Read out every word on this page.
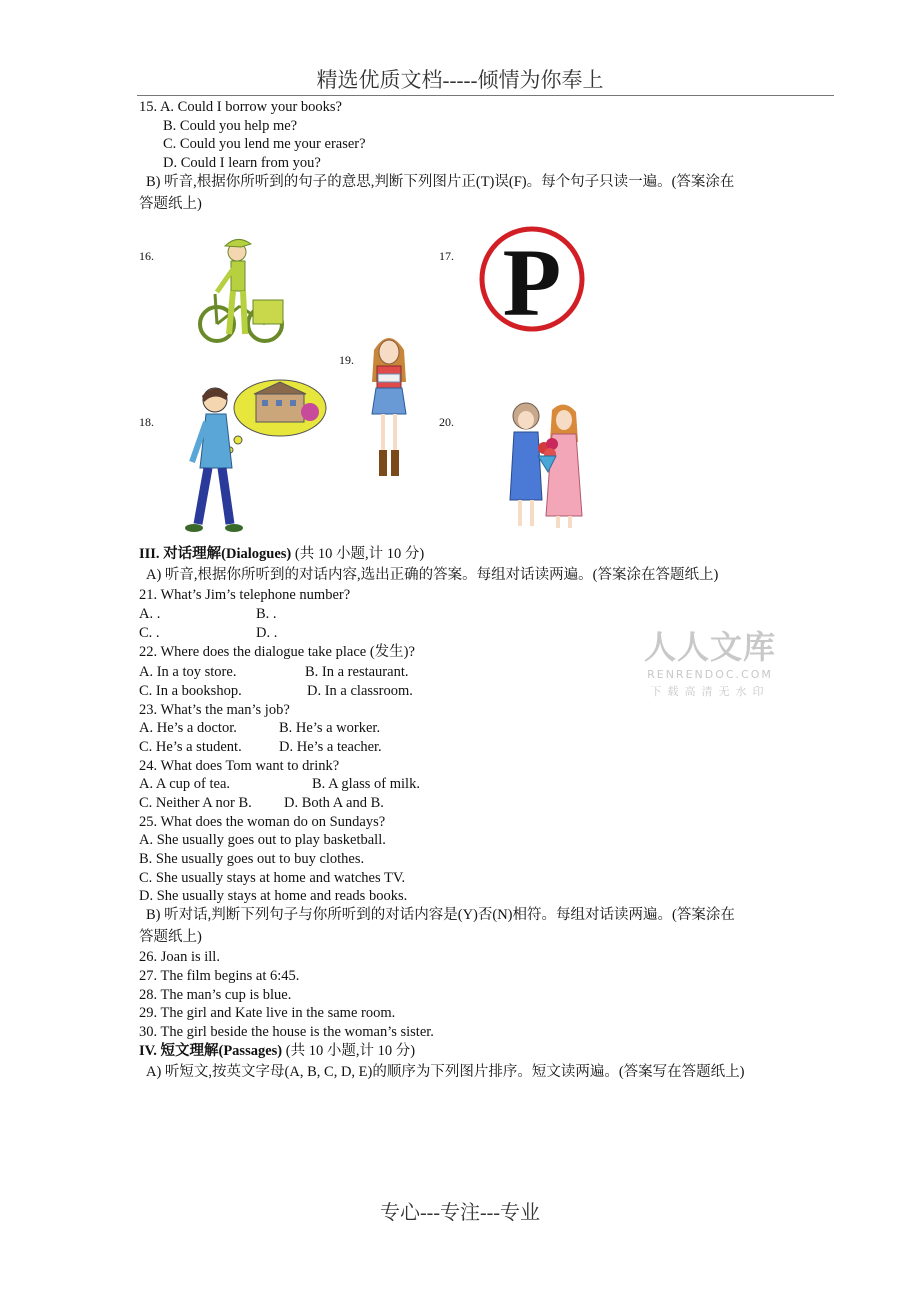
精选优质文档-----倾情为你奉上
15. A. Could I borrow your books?
B. Could you help me?
C. Could you lend me your eraser?
D. Could I learn from you?
B) 听音,根据你所听到的句子的意思,判断下列图片正(T)误(F)。每个句子只读一遍。(答案涂在
答题纸上)
16.	17.
18.
19.
20.
P
III. 对话理解(Dialogues) (共 10 小题,计 10 分)
A) 听音,根据你所听到的对话内容,选出正确的答案。每组对话读两遍。(答案涂在答题纸上)
21. What’s Jim’s telephone number?
A. .	B. .
C. .	D. .
22. Where does the dialogue take place (发生)?
A. In a toy store.	B. In a restaurant.
C. In a bookshop.	D. In a classroom.
23. What’s the man’s job?
A. He’s a doctor.	B. He’s a worker.
C. He’s a student.	D. He’s a teacher.
24. What does Tom want to drink?
A. A cup of tea.	B. A glass of milk.
C. Neither A nor B. D. Both A and B.
25. What does the woman do on Sundays?
A. She usually goes out to play basketball.
B. She usually goes out to buy clothes.
C. She usually stays at home and watches TV.
D. She usually stays at home and reads books.
B) 听对话,判断下列句子与你所听到的对话内容是(Y)否(N)相符。每组对话读两遍。(答案涂在
答题纸上)
26. Joan is ill.
27. The film begins at 6:45.
28. The man’s cup is blue.
29. The girl and Kate live in the same room.
30. The girl beside the house is the woman’s sister.
IV. 短文理解(Passages) (共 10 小题,计 10 分)
A) 听短文,按英文字母(A, B, C, D, E)的顺序为下列图片排序。短文读两遍。(答案写在答题纸上)
人人文库
RENRENDOC.COM
下载高清无水印
专心---专注---专业
